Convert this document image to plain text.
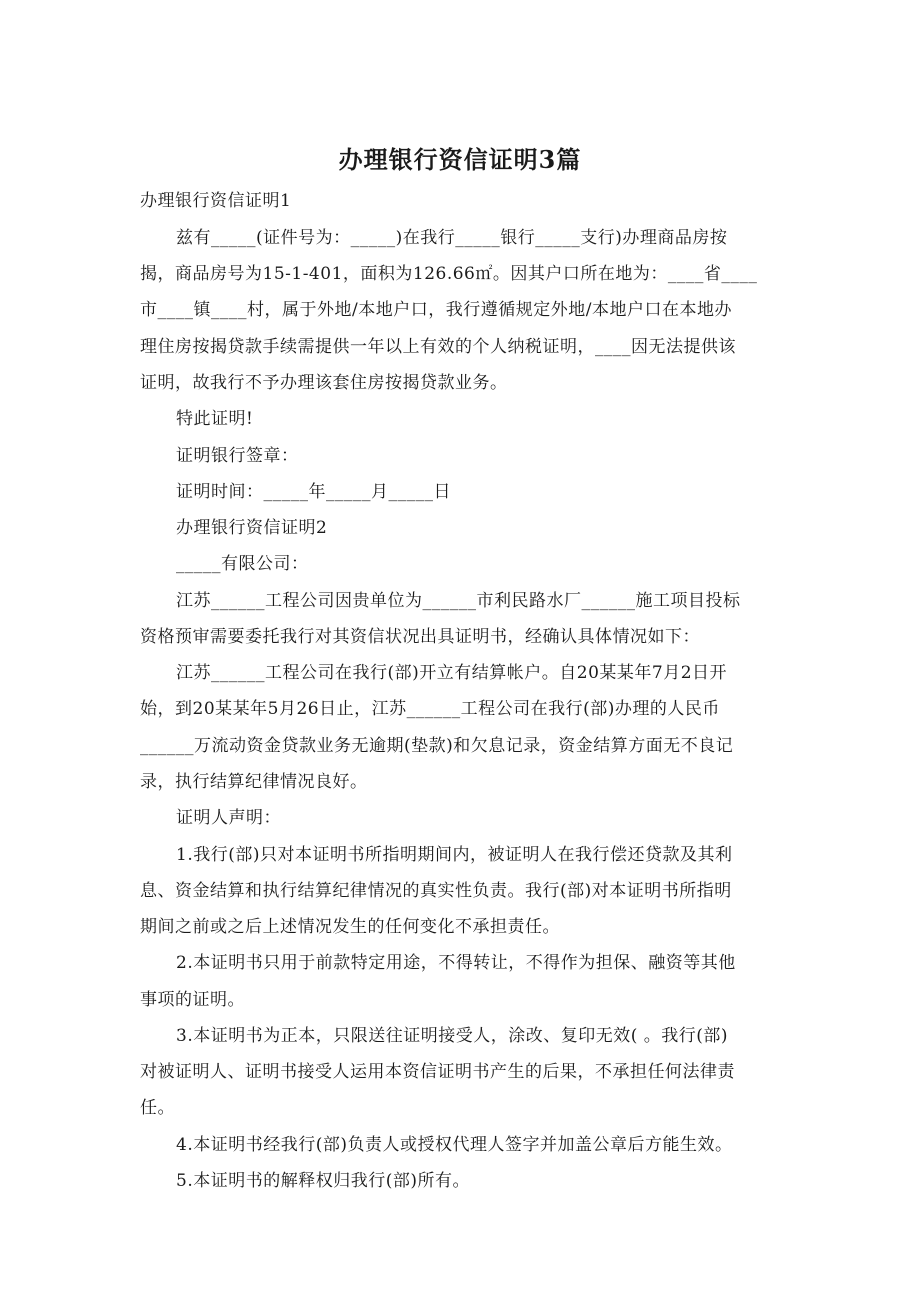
办理银行资信证明3篇
办理银行资信证明1
兹有_____(证件号为：_____)在我行_____银行_____支行)办理商品房按
揭，商品房号为15-1-401，面积为126.66㎡。因其户口所在地为：____省____
市____镇____村，属于外地/本地户口，我行遵循规定外地/本地户口在本地办
理住房按揭贷款手续需提供一年以上有效的个人纳税证明，____因无法提供该
证明，故我行不予办理该套住房按揭贷款业务。
特此证明!
证明银行签章：
证明时间：_____年_____月_____日
办理银行资信证明2
_____有限公司：
江苏______工程公司因贵单位为______市利民路水厂______施工项目投标
资格预审需要委托我行对其资信状况出具证明书，经确认具体情况如下：
江苏______工程公司在我行(部)开立有结算帐户。自20某某年7月2日开
始，到20某某年5月26日止，江苏______工程公司在我行(部)办理的人民币
______万流动资金贷款业务无逾期(垫款)和欠息记录，资金结算方面无不良记
录，执行结算纪律情况良好。
证明人声明：
1.我行(部)只对本证明书所指明期间内，被证明人在我行偿还贷款及其利
息、资金结算和执行结算纪律情况的真实性负责。我行(部)对本证明书所指明
期间之前或之后上述情况发生的任何变化不承担责任。
2.本证明书只用于前款特定用途，不得转让，不得作为担保、融资等其他
事项的证明。
3.本证明书为正本，只限送往证明接受人，涂改、复印无效( 。我行(部)
对被证明人、证明书接受人运用本资信证明书产生的后果，不承担任何法律责
任。
4.本证明书经我行(部)负责人或授权代理人签字并加盖公章后方能生效。
5.本证明书的解释权归我行(部)所有。
